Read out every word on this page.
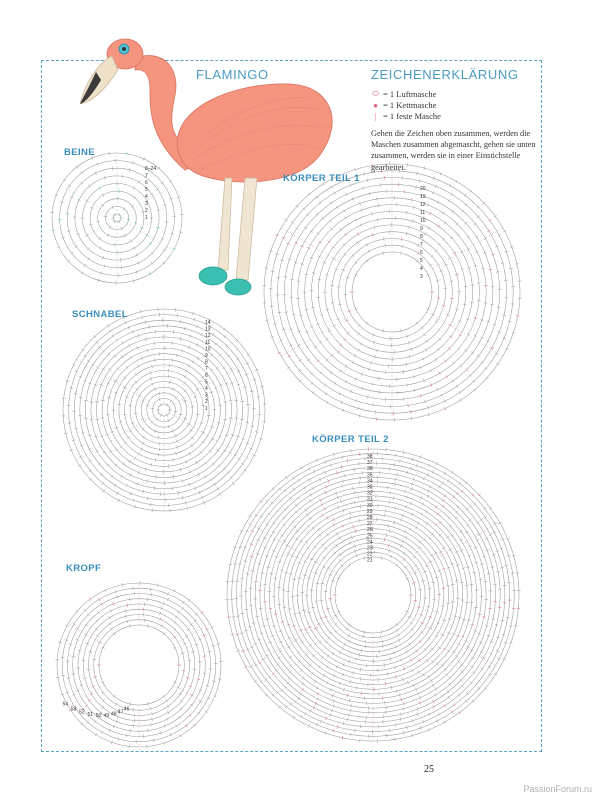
1
2
3
4
5
6
7
8–24
3
4
5
6
7
8
9
10
11
12
19
20
1
2
3
4
5
6
7
8
9
10
11
12
13
14
21
22
23
24
25
26
27
28
29
30
31
32
33
34
35
36
37
38
46
47
48
49
50
51
52
53
54
FLAMINGO	ZEICHENERKLÄRUNG
⬭ = 1 Luftmasche
● = 1 Kettmasche
| = 1 feste Masche
Gehen die Zeichen oben zusammen, werden die Maschen zusammen abgemascht, gehen sie unten zusammen, werden sie in einer Einstichstelle gearbeitet.
BEINE
KÖRPER TEIL 1
SCHNABEL
KÖRPER TEIL 2
KROPF
25
PassionForum.ru
